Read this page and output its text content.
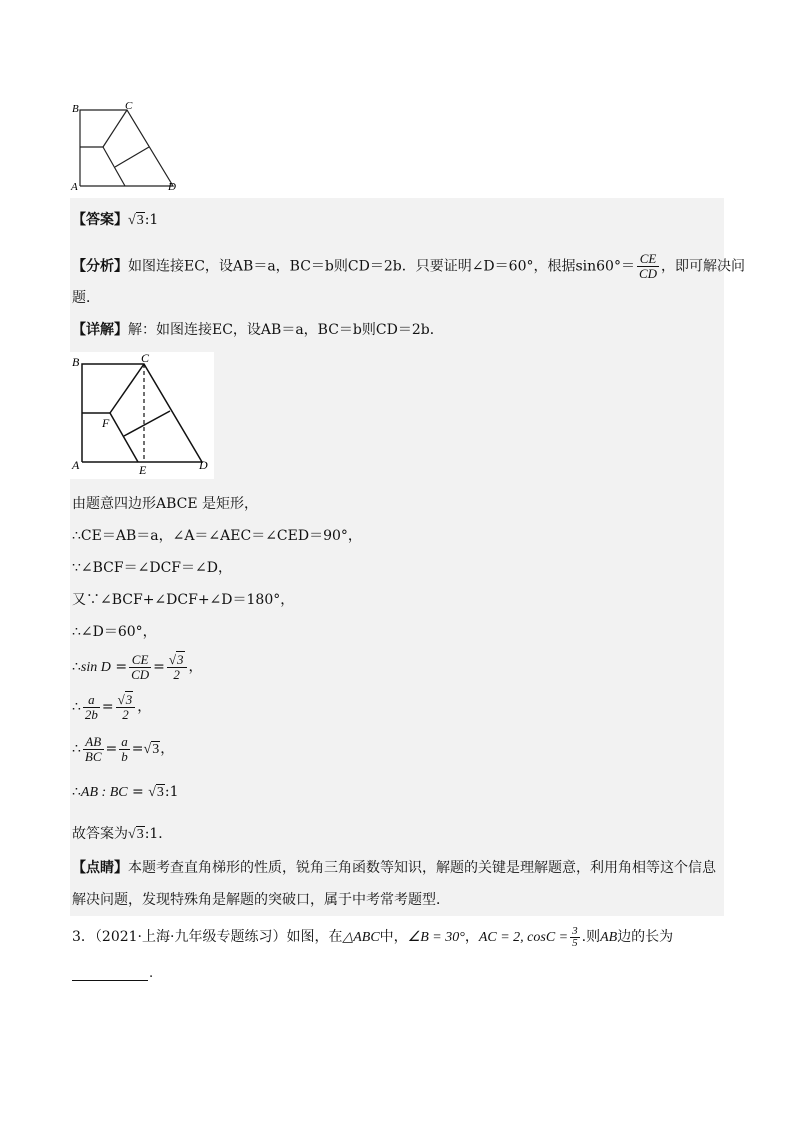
B	C
A	D
【答案】√3:1
【分析】如图连接EC，设AB＝a，BC＝b则CD＝2b．只要证明∠D＝60°，根据$\sin 60^\circ= \frac{CE}{CD}$ ，即可解决问
题．
【详解】解：如图连接EC，设AB＝a，BC＝b则CD＝2b．
B	C
F
A	E	D
由题意四边形ABCE 是矩形，
∴CE＝AB＝a，∠A＝∠AEC＝∠CED＝90°，
∵∠BCF＝∠DCF＝∠D，
又∵∠BCF+∠DCF+∠D＝180°，
∴∠D＝60°，
∴sin $D = \frac{CE}{CD} = \frac{√3}{2}$ ，
∴ $\frac{a}{2b} = \frac{√3}{2}$ ，
∴ $\frac{AB}{BC} = \frac{a}{b} =√3$，
∴AB : BC = √3:1
故答案为√3:1．
【点睛】本题考查直角梯形的性质，锐角三角函数等知识，解题的关键是理解题意，利用角相等这个信息
解决问题，发现特殊角是解题的突破口，属于中考常考题型．
3．（2021·上海·九年级专题练习）如图，在△ABC中，∠B = 30°，AC = 2, $\cos C = \frac{3}{5}$ .则AB边的长为
.
